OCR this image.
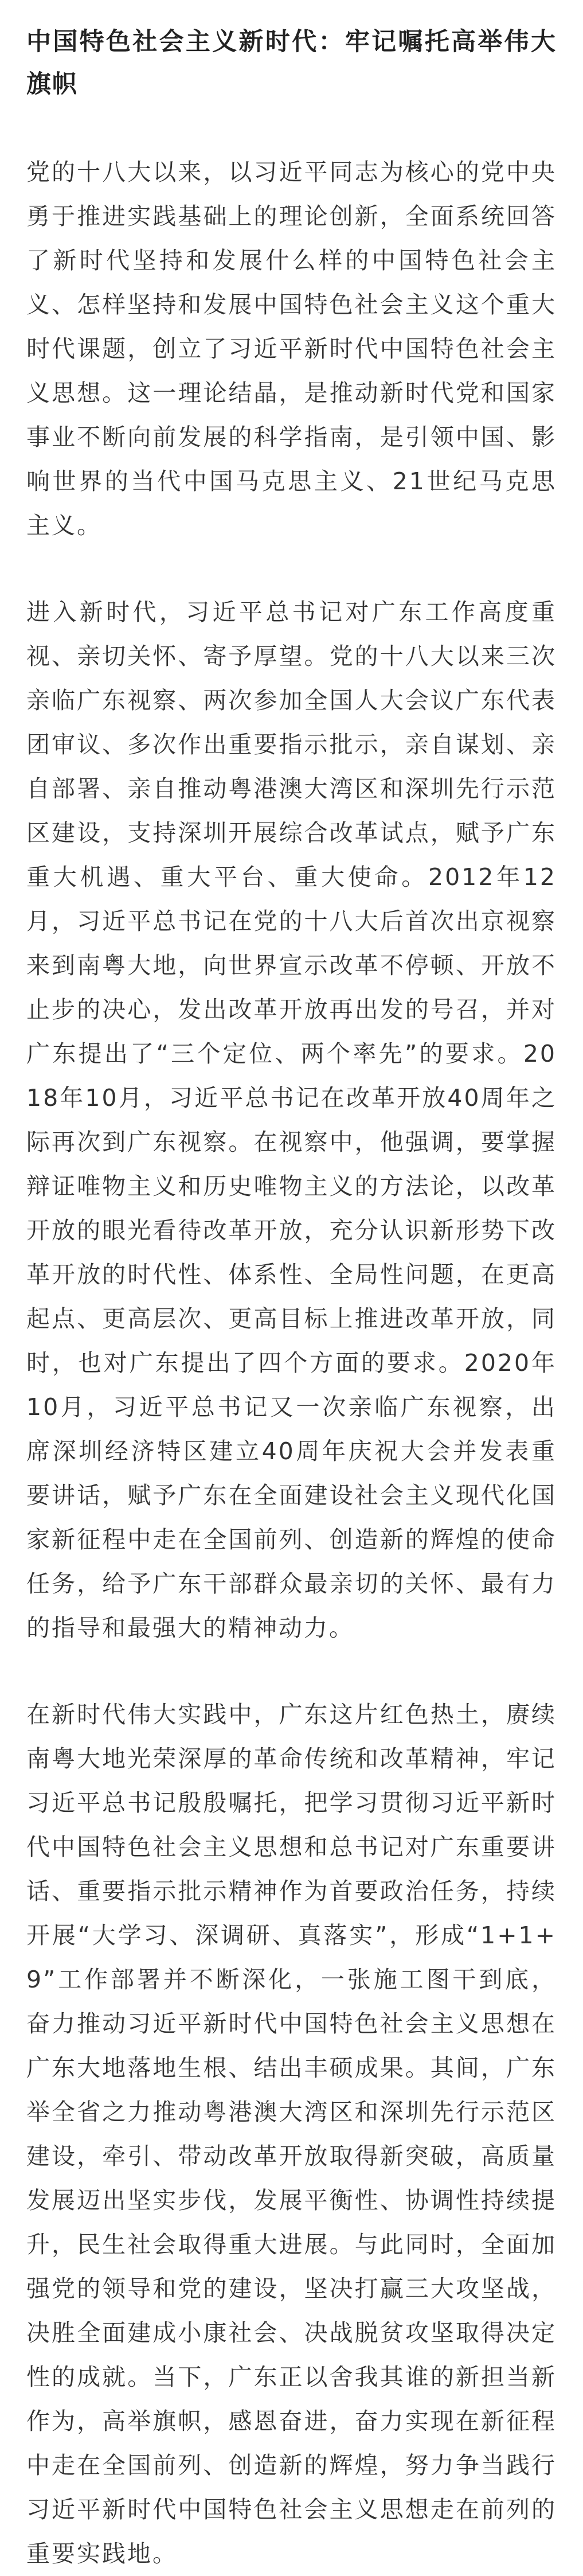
中国特色社会主义新时代：牢记嘱托高举伟大旗帜

党的十八大以来，以习近平同志为核心的党中央勇于推进实践基础上的理论创新，全面系统回答了新时代坚持和发展什么样的中国特色社会主义、怎样坚持和发展中国特色社会主义这个重大时代课题，创立了习近平新时代中国特色社会主义思想。这一理论结晶，是推动新时代党和国家事业不断向前发展的科学指南，是引领中国、影响世界的当代中国马克思主义、21世纪马克思主义。

进入新时代，习近平总书记对广东工作高度重视、亲切关怀、寄予厚望。党的十八大以来三次亲临广东视察、两次参加全国人大会议广东代表团审议、多次作出重要指示批示，亲自谋划、亲自部署、亲自推动粤港澳大湾区和深圳先行示范区建设，支持深圳开展综合改革试点，赋予广东重大机遇、重大平台、重大使命。2012年12月，习近平总书记在党的十八大后首次出京视察来到南粤大地，向世界宣示改革不停顿、开放不止步的决心，发出改革开放再出发的号召，并对广东提出了“三个定位、两个率先”的要求。2018年10月，习近平总书记在改革开放40周年之际再次到广东视察。在视察中，他强调，要掌握辩证唯物主义和历史唯物主义的方法论，以改革开放的眼光看待改革开放，充分认识新形势下改革开放的时代性、体系性、全局性问题，在更高起点、更高层次、更高目标上推进改革开放，同时，也对广东提出了四个方面的要求。2020年10月，习近平总书记又一次亲临广东视察，出席深圳经济特区建立40周年庆祝大会并发表重要讲话，赋予广东在全面建设社会主义现代化国家新征程中走在全国前列、创造新的辉煌的使命任务，给予广东干部群众最亲切的关怀、最有力的指导和最强大的精神动力。

在新时代伟大实践中，广东这片红色热土，赓续南粤大地光荣深厚的革命传统和改革精神，牢记习近平总书记殷殷嘱托，把学习贯彻习近平新时代中国特色社会主义思想和总书记对广东重要讲话、重要指示批示精神作为首要政治任务，持续开展“大学习、深调研、真落实”，形成“1+1+9”工作部署并不断深化，一张施工图干到底，奋力推动习近平新时代中国特色社会主义思想在广东大地落地生根、结出丰硕成果。其间，广东举全省之力推动粤港澳大湾区和深圳先行示范区建设，牵引、带动改革开放取得新突破，高质量发展迈出坚实步伐，发展平衡性、协调性持续提升，民生社会取得重大进展。与此同时，全面加强党的领导和党的建设，坚决打赢三大攻坚战，决胜全面建成小康社会、决战脱贫攻坚取得决定性的成就。当下，广东正以舍我其谁的新担当新作为，高举旗帜，感恩奋进，奋力实现在新征程中走在全国前列、创造新的辉煌，努力争当践行习近平新时代中国特色社会主义思想走在前列的重要实践地。
